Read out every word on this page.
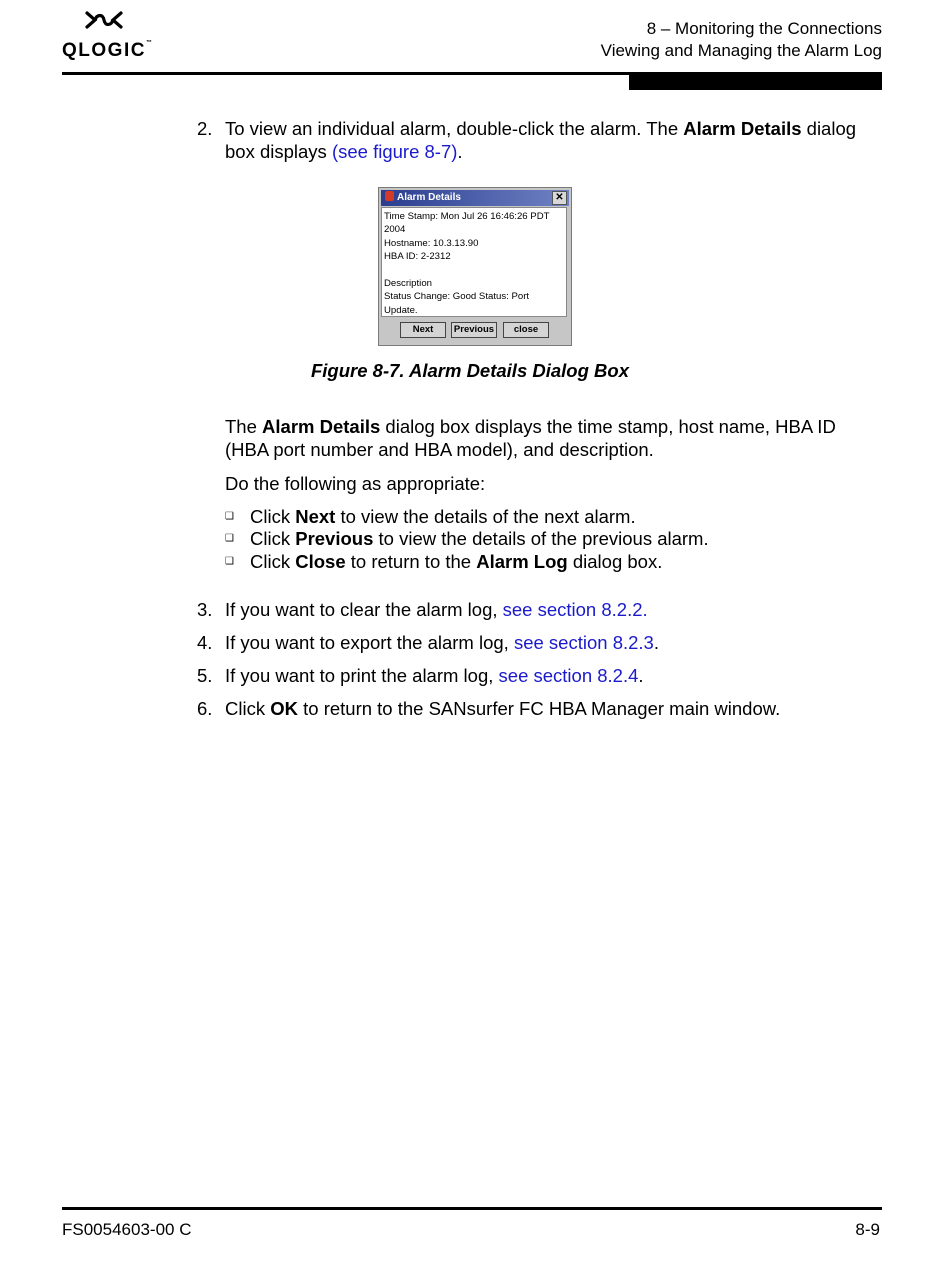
QLOGIC™
8 – Monitoring the Connections
Viewing and Managing the Alarm Log
2. To view an individual alarm, double-click the alarm. The Alarm Details dialog
box displays (see figure 8-7).
Alarm Details	✕
Time Stamp: Mon Jul 26 16:46:26 PDT
2004
Hostname: 10.3.13.90
HBA ID: 2-2312

Description
Status Change: Good Status: Port
Update.
Next	Previous	close
Figure 8-7. Alarm Details Dialog Box
The Alarm Details dialog box displays the time stamp, host name, HBA ID
(HBA port number and HBA model), and description.
Do the following as appropriate:
❑ Click Next to view the details of the next alarm.
❑ Click Previous to view the details of the previous alarm.
❑ Click Close to return to the Alarm Log dialog box.
3. If you want to clear the alarm log, see section 8.2.2.
4. If you want to export the alarm log, see section 8.2.3.
5. If you want to print the alarm log, see section 8.2.4.
6. Click OK to return to the SANsurfer FC HBA Manager main window.
FS0054603-00 C	8-9
